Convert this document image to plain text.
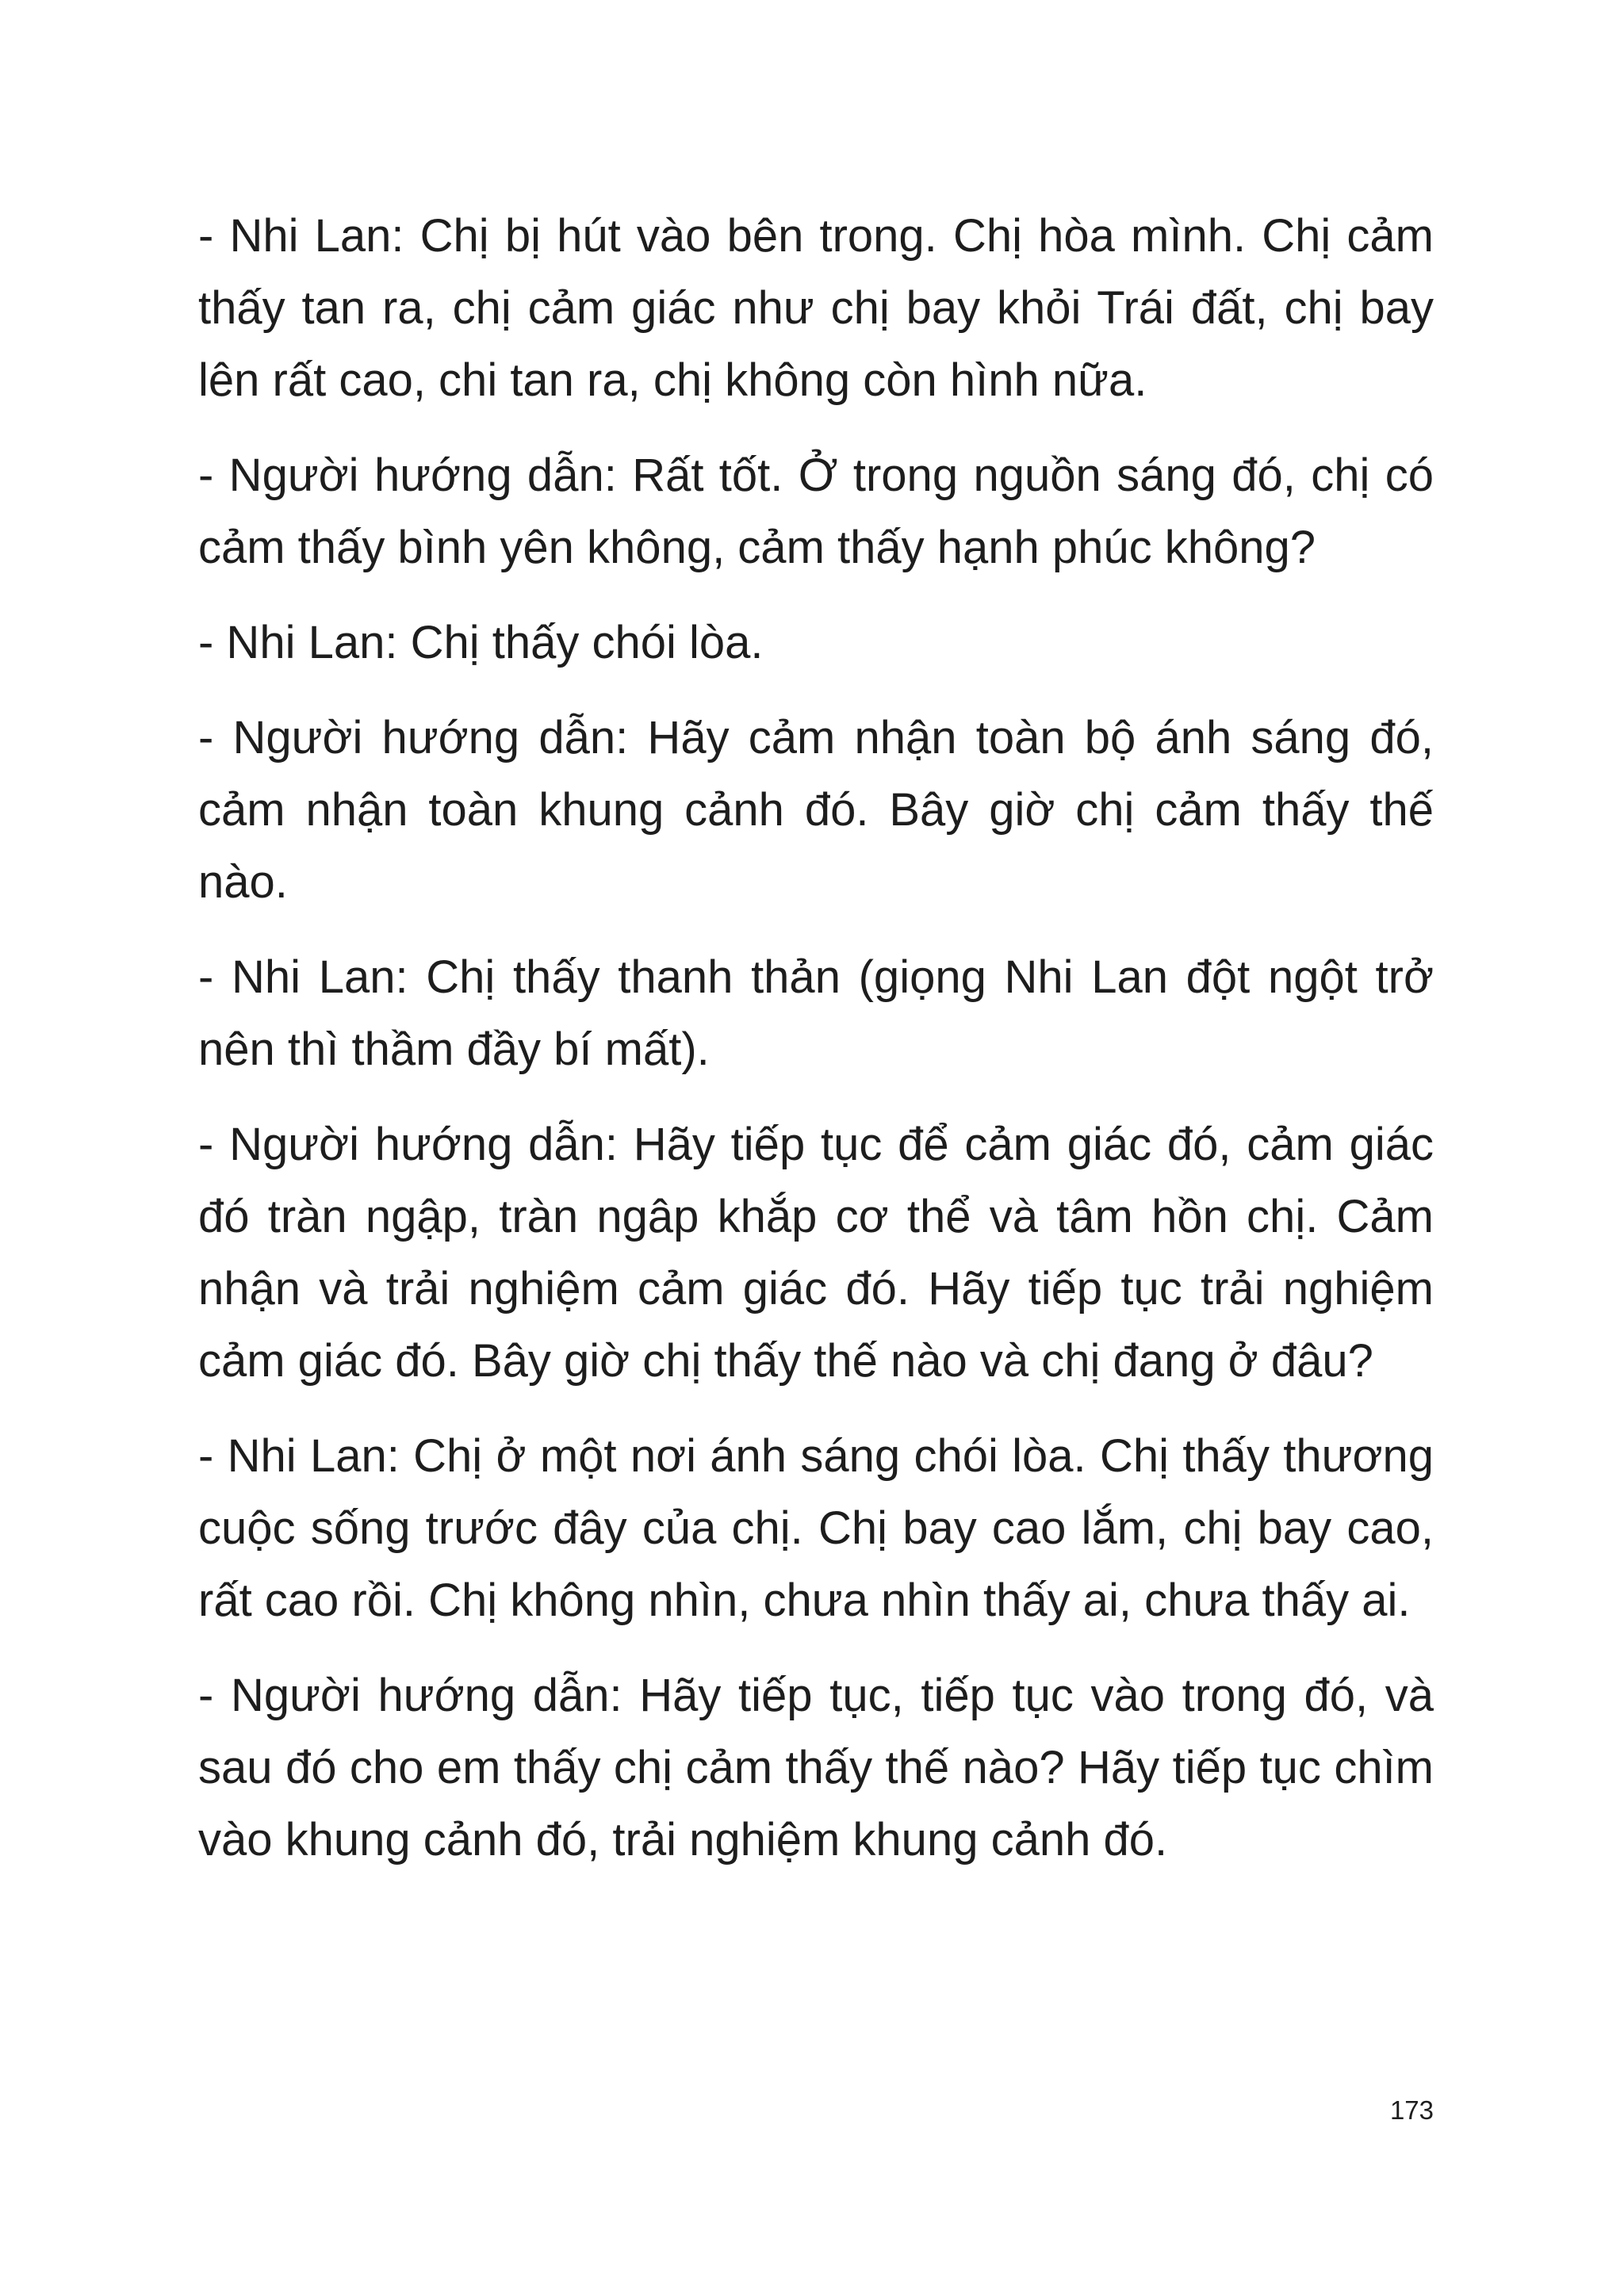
- Nhi Lan: Chị bị hút vào bên trong. Chị hòa mình. Chị cảm thấy tan ra, chị cảm giác như chị bay khỏi Trái đất, chị bay lên rất cao, chi tan ra, chị không còn hình nữa.

- Người hướng dẫn: Rất tốt. Ở trong nguồn sáng đó, chị có cảm thấy bình yên không, cảm thấy hạnh phúc không?

- Nhi Lan: Chị thấy chói lòa.

- Người hướng dẫn: Hãy cảm nhận toàn bộ ánh sáng đó, cảm nhận toàn khung cảnh đó. Bây giờ chị cảm thấy thế nào.

- Nhi Lan: Chị thấy thanh thản (giọng Nhi Lan đột ngột trở nên thì thầm đầy bí mất).

- Người hướng dẫn: Hãy tiếp tục để cảm giác đó, cảm giác đó tràn ngập, tràn ngâp khắp cơ thể và tâm hồn chị. Cảm nhận và trải nghiệm cảm giác đó. Hãy tiếp tục trải nghiệm cảm giác đó. Bây giờ chị thấy thế nào và chị đang ở đâu?

- Nhi Lan: Chị ở một nơi ánh sáng chói lòa. Chị thấy thương cuộc sống trước đây của chị. Chị bay cao lắm, chị bay cao, rất cao rồi. Chị không nhìn, chưa nhìn thấy ai, chưa thấy ai.

- Người hướng dẫn: Hãy tiếp tục, tiếp tục vào trong đó, và sau đó cho em thấy chị cảm thấy thế nào? Hãy tiếp tục chìm vào khung cảnh đó, trải nghiệm khung cảnh đó.

173
